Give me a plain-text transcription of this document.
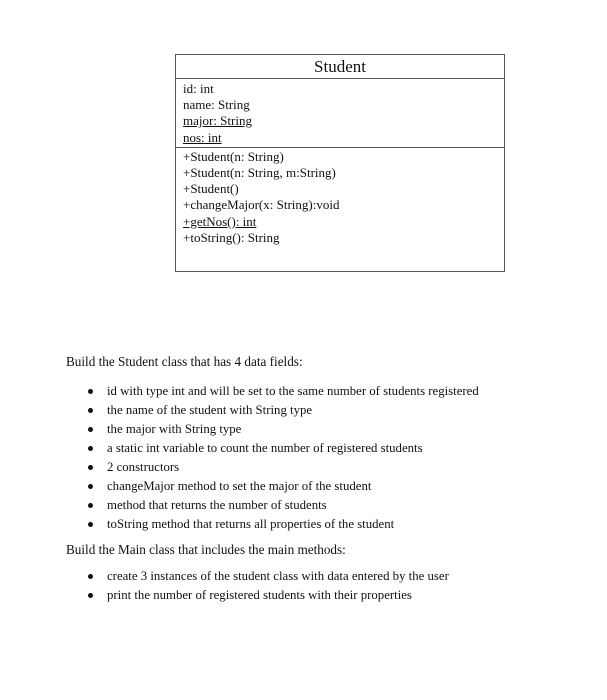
Student
id: int
name: String
major: String
nos: int
+Student(n: String)
+Student(n: String, m:String)
+Student()
+changeMajor(x: String):void
+getNos(): int
+toString(): String
Build the Student class that has 4 data fields:
id with type int and will be set to the same number of students registered
the name of the student with String type
the major with String type
a static int variable to count the number of registered students
2 constructors
changeMajor method to set the major of the student
method that returns the number of students
toString method that returns all properties of the student
Build the Main class that includes the main methods:
create 3 instances of the student class with data entered by the user
print the number of registered students with their properties
